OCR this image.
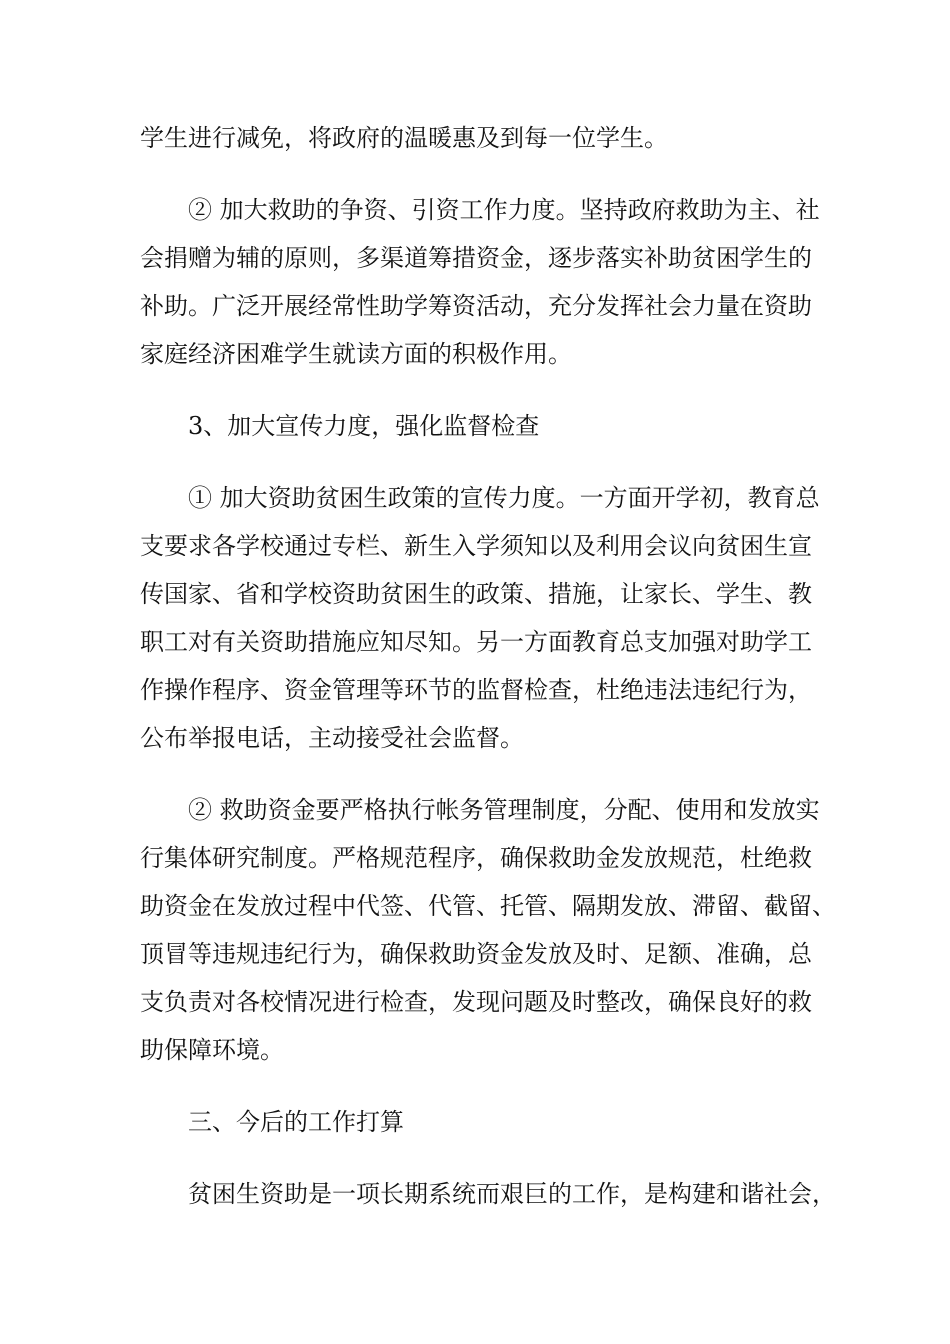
学生进行减免，将政府的温暖惠及到每一位学生。
② 加大救助的争资、引资工作力度。坚持政府救助为主、社
会捐赠为辅的原则，多渠道筹措资金，逐步落实补助贫困学生的
补助。广泛开展经常性助学筹资活动，充分发挥社会力量在资助
家庭经济困难学生就读方面的积极作用。
3、加大宣传力度，强化监督检查
① 加大资助贫困生政策的宣传力度。一方面开学初，教育总
支要求各学校通过专栏、新生入学须知以及利用会议向贫困生宣
传国家、省和学校资助贫困生的政策、措施，让家长、学生、教
职工对有关资助措施应知尽知。另一方面教育总支加强对助学工
作操作程序、资金管理等环节的监督检查，杜绝违法违纪行为，
公布举报电话，主动接受社会监督。
② 救助资金要严格执行帐务管理制度，分配、使用和发放实
行集体研究制度。严格规范程序，确保救助金发放规范，杜绝救
助资金在发放过程中代签、代管、托管、隔期发放、滞留、截留、
顶冒等违规违纪行为，确保救助资金发放及时、足额、准确，总
支负责对各校情况进行检查，发现问题及时整改，确保良好的救
助保障环境。
三、今后的工作打算
贫困生资助是一项长期系统而艰巨的工作，是构建和谐社会，
